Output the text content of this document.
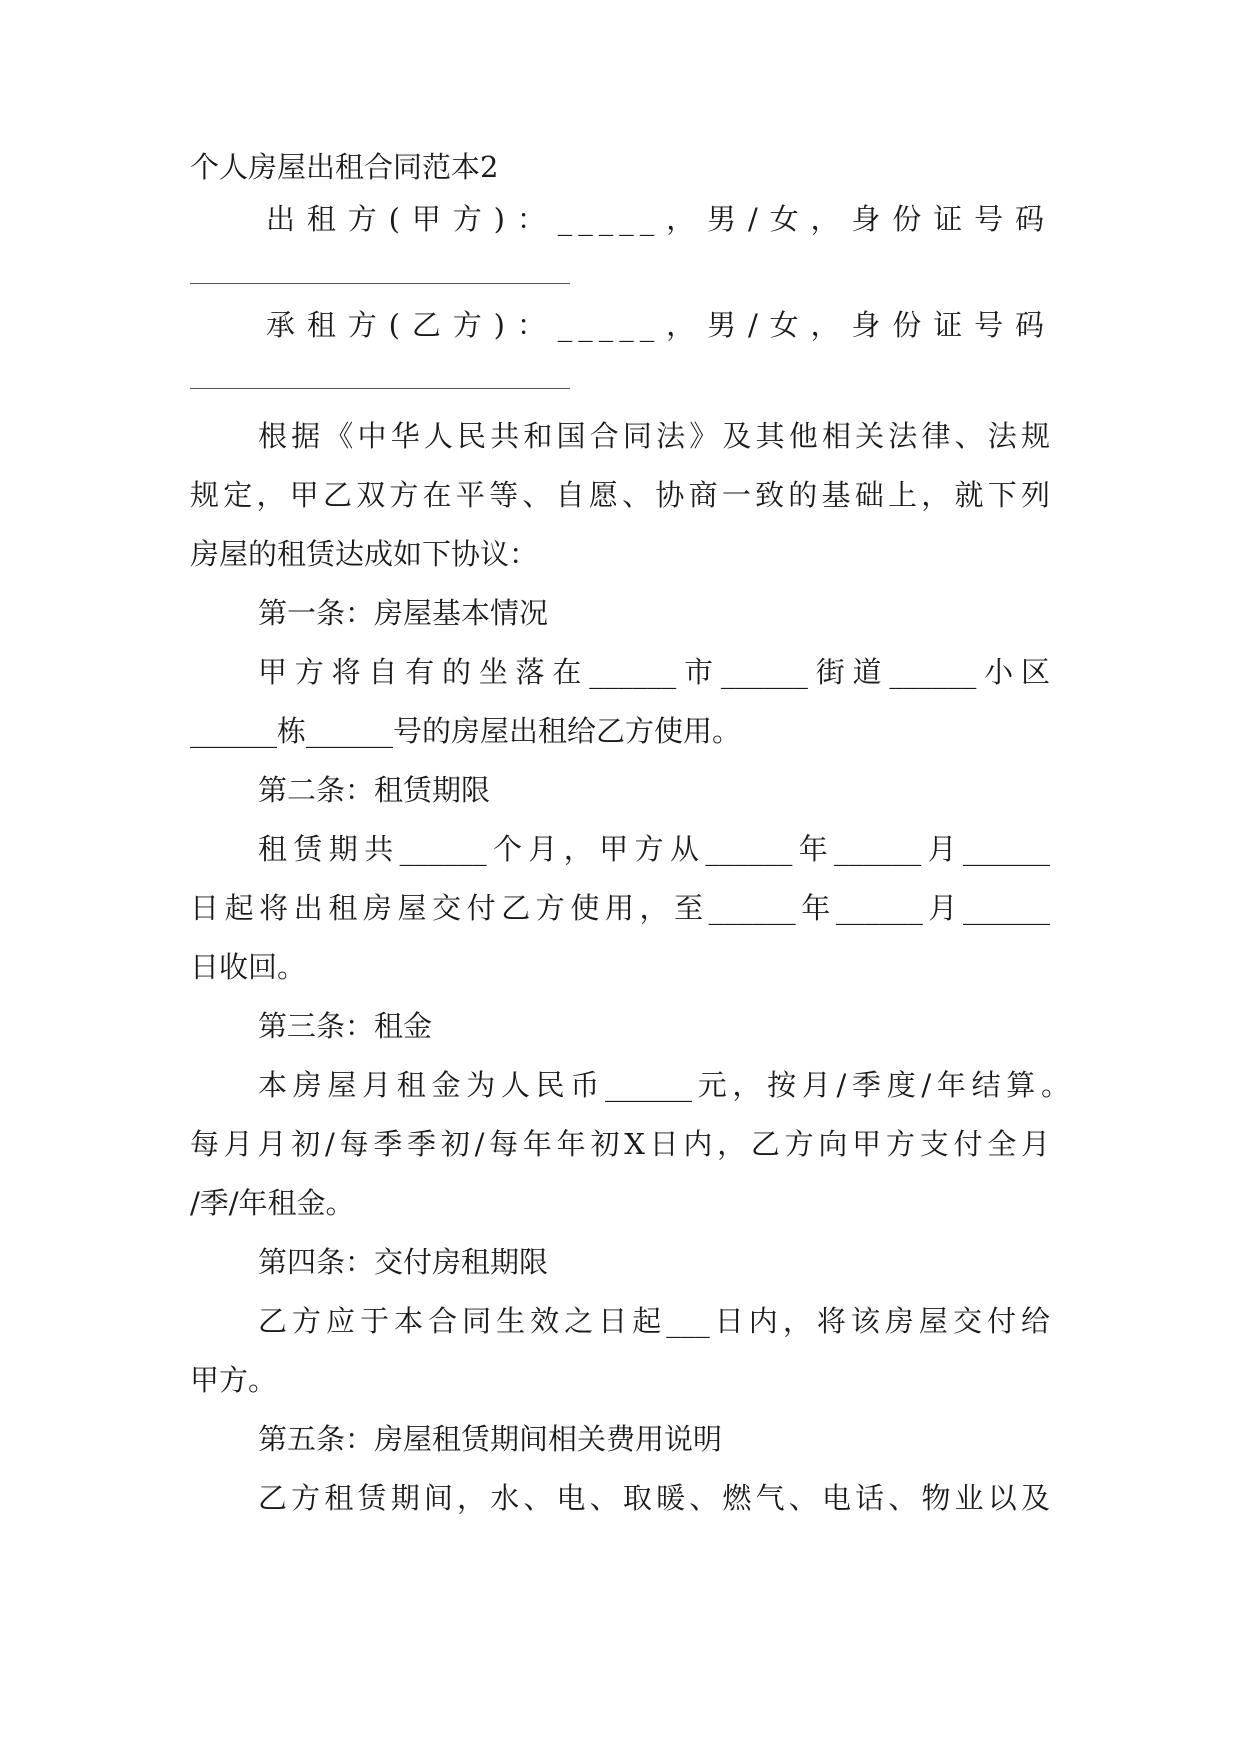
个人房屋出租合同范本2
出租方(甲方)：_____，男/女，身份证号码
承租方(乙方)：_____，男/女，身份证号码
根据《中华人民共和国合同法》及其他相关法律、法规
规定，甲乙双方在平等、自愿、协商一致的基础上，就下列
房屋的租赁达成如下协议：
第一条：房屋基本情况
甲方将自有的坐落在______市______街道______小区
______栋______号的房屋出租给乙方使用。
第二条：租赁期限
租赁期共______个月，甲方从______年______月______
日起将出租房屋交付乙方使用，至______年______月______
日收回。
第三条：租金
本房屋月租金为人民币______元，按月/季度/年结算。
每月月初/每季季初/每年年初X日内，乙方向甲方支付全月
/季/年租金。
第四条：交付房租期限
乙方应于本合同生效之日起___日内，将该房屋交付给
甲方。
第五条：房屋租赁期间相关费用说明
乙方租赁期间，水、电、取暖、燃气、电话、物业以及
